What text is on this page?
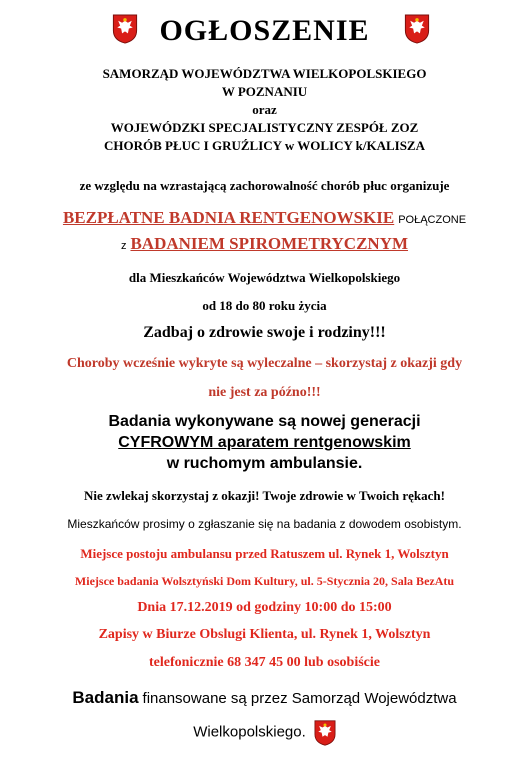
OGŁOSZENIE
SAMORZĄD WOJEWÓDZTWA WIELKOPOLSKIEGO
W POZNANIU
oraz
WOJEWÓDZKI SPECJALISTYCZNY ZESPÓŁ ZOZ
CHORÓB PŁUC I GRUŹLICY w WOLICY k/KALISZA
ze względu na wzrastającą zachorowalność chorób płuc organizuje
BEZPŁATNE BADNIA RENTGENOWSKIE POŁĄCZONE
z BADANIEM SPIROMETRYCZNYM
dla Mieszkańców Województwa Wielkopolskiego
od 18 do 80 roku życia
Zadbaj o zdrowie swoje i rodziny!!!
Choroby wcześnie wykryte są wyleczalne – skorzystaj z okazji gdy
nie jest za późno!!!
Badania wykonywane są nowej generacji
CYFROWYM aparatem rentgenowskim
w ruchomym ambulansie.
Nie zwlekaj skorzystaj z okazji! Twoje zdrowie w Twoich rękach!
Mieszkańców prosimy o zgłaszanie się na badania z dowodem osobistym.
Miejsce postoju ambulansu przed Ratuszem ul. Rynek 1, Wolsztyn
Miejsce badania Wolsztyński Dom Kultury, ul. 5-Stycznia 20, Sala BezAtu
Dnia 17.12.2019 od godziny 10:00 do 15:00
Zapisy w Biurze Obslugi Klienta, ul. Rynek 1, Wolsztyn
telefonicznie 68 347 45 00 lub osobiście
Badania finansowane są przez Samorząd Województwa
Wielkopolskiego.
